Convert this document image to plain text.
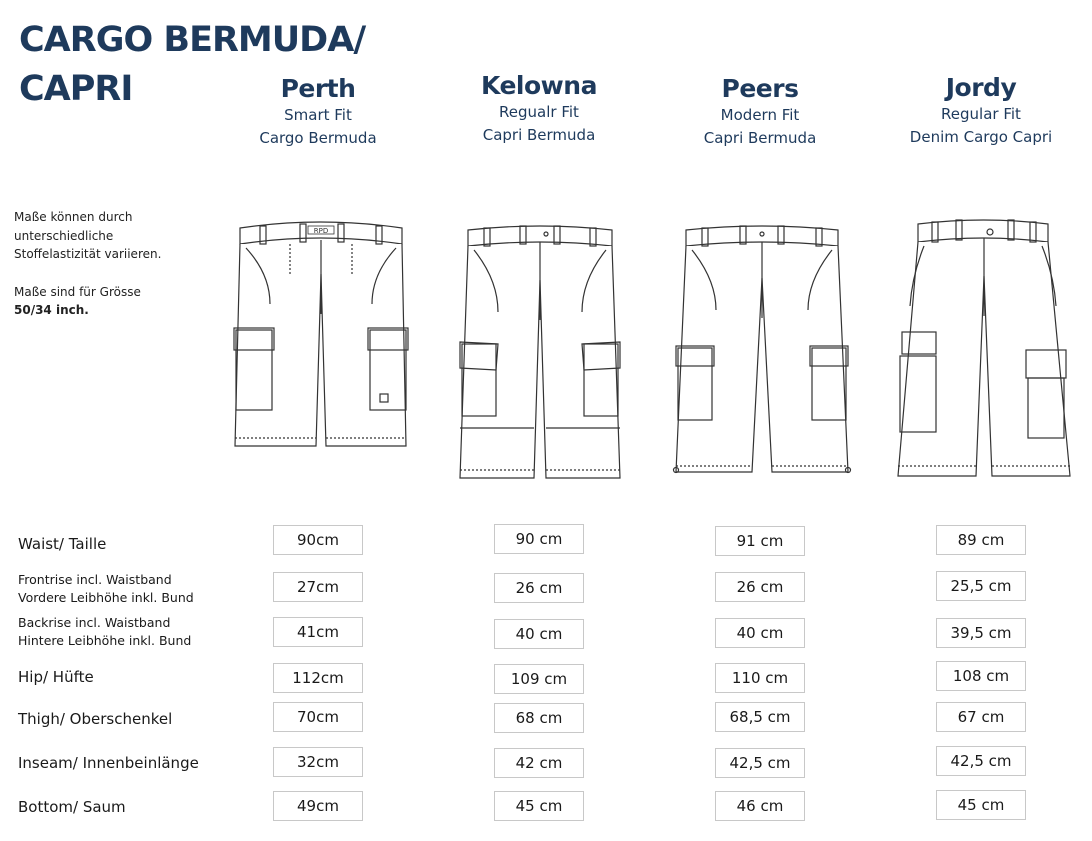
CARGO BERMUDA/
CAPRI	Perth
Smart Fit
Cargo Bermuda
Kelowna
Regualr Fit
Capri Bermuda
Peers
Modern Fit
Capri Bermuda
Jordy
Regular Fit
Denim Cargo Capri
Maße können durch
unterschiedliche
Stoffelastizität variieren.
Maße sind für Grösse
50/34 inch.
RPD
Waist/ Taille	90cm	90 cm	91 cm	89 cm
Frontrise incl. Waistband
Vordere Leibhöhe inkl. Bund
27cm	26 cm	26 cm	25,5 cm
Backrise incl. Waistband
Hintere Leibhöhe inkl. Bund	41cm	40 cm	40 cm	39,5 cm
Hip/ Hüfte	112cm	109 cm	110 cm	108 cm
Thigh/ Oberschenkel	70cm	68 cm	68,5 cm	67 cm
Inseam/ Innenbeinlänge	32cm	42 cm	42,5 cm	42,5 cm
Bottom/ Saum	49cm	45 cm	46 cm	45 cm
